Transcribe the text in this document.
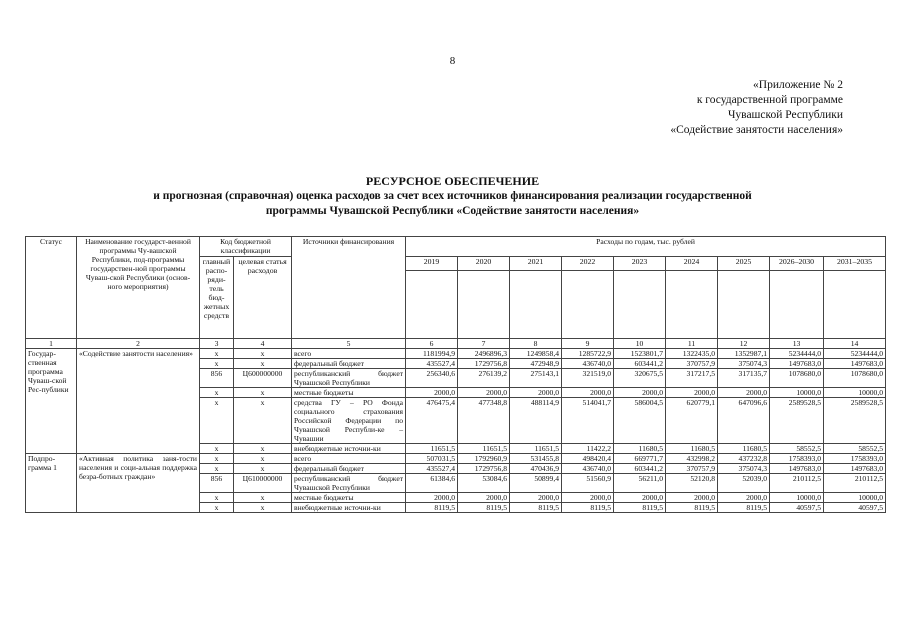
8
«Приложение № 2
к государственной программе
Чувашской Республики
«Содействие занятости населения»
РЕСУРСНОЕ ОБЕСПЕЧЕНИЕ
и прогнозная (справочная) оценка расходов за счет всех источников финансирования реализации государственной
программы Чувашской Республики «Содействие занятости населения»
Статус	Наименование государст-венной программы Чу-вашской Республики, под-программы государствен-ной программы Чуваш-ской Республики (основ-ного мероприятия)	Код бюджетной классификации		Источники финансирования	Расходы по годам, тыс. рублей								
		главный распо-ряди-тель бюд-жетных средств	целевая статья расходов		2019	2020	2021	2022	2023	2024	2025	2026–2030	2031–2035

1	2	3	4	5	6	7	8	9	10	11	12	13	14
Государ-ственная программа Чуваш-ской Рес-публики	«Содействие занятости населения»	x	x	всего	1181994,9	2496896,3	1249858,4	1285722,9	1523801,7	1322435,0	1352987,1	5234444,0	5234444,0
		x	x	федеральный бюджет	435527,4	1729756,8	472948,9	436740,0	603441,2	370757,9	375074,3	1497683,0	1497683,0
		856	Ц600000000	республиканский бюджет Чувашской Республики	256340,6	276139,2	275143,1	321519,0	320675,5	317217,5	317135,7	1078680,0	1078680,0
		x	x	местные бюджеты	2000,0	2000,0	2000,0	2000,0	2000,0	2000,0	2000,0	10000,0	10000,0
		x	x	средства ГУ – РО Фонда социального страхования Российской Федерации по Чувашской Республи-ке – Чувашии	476475,4	477348,8	488114,9	514041,7	586004,5	620779,1	647096,6	2589528,5	2589528,5
		x	x	внебюджетные источни-ки	11651,5	11651,5	11651,5	11422,2	11680,5	11680,5	11680,5	58552,5	58552,5
Подпро-грамма 1	«Активная политика заня-тости населения и соци-альная поддержка безра-ботных граждан»	x	x	всего	507031,5	1792960,9	531455,8	498420,4	669771,7	432998,2	437232,8	1758393,0	1758393,0
		x	x	федеральный бюджет	435527,4	1729756,8	470436,9	436740,0	603441,2	370757,9	375074,3	1497683,0	1497683,0
		856	Ц610000000	республиканский бюджет Чувашской Республики	61384,6	53084,6	50899,4	51560,9	56211,0	52120,8	52039,0	210112,5	210112,5
		x	x	местные бюджеты	2000,0	2000,0	2000,0	2000,0	2000,0	2000,0	2000,0	10000,0	10000,0
		x	x	внебюджетные источни-ки	8119,5	8119,5	8119,5	8119,5	8119,5	8119,5	8119,5	40597,5	40597,5
